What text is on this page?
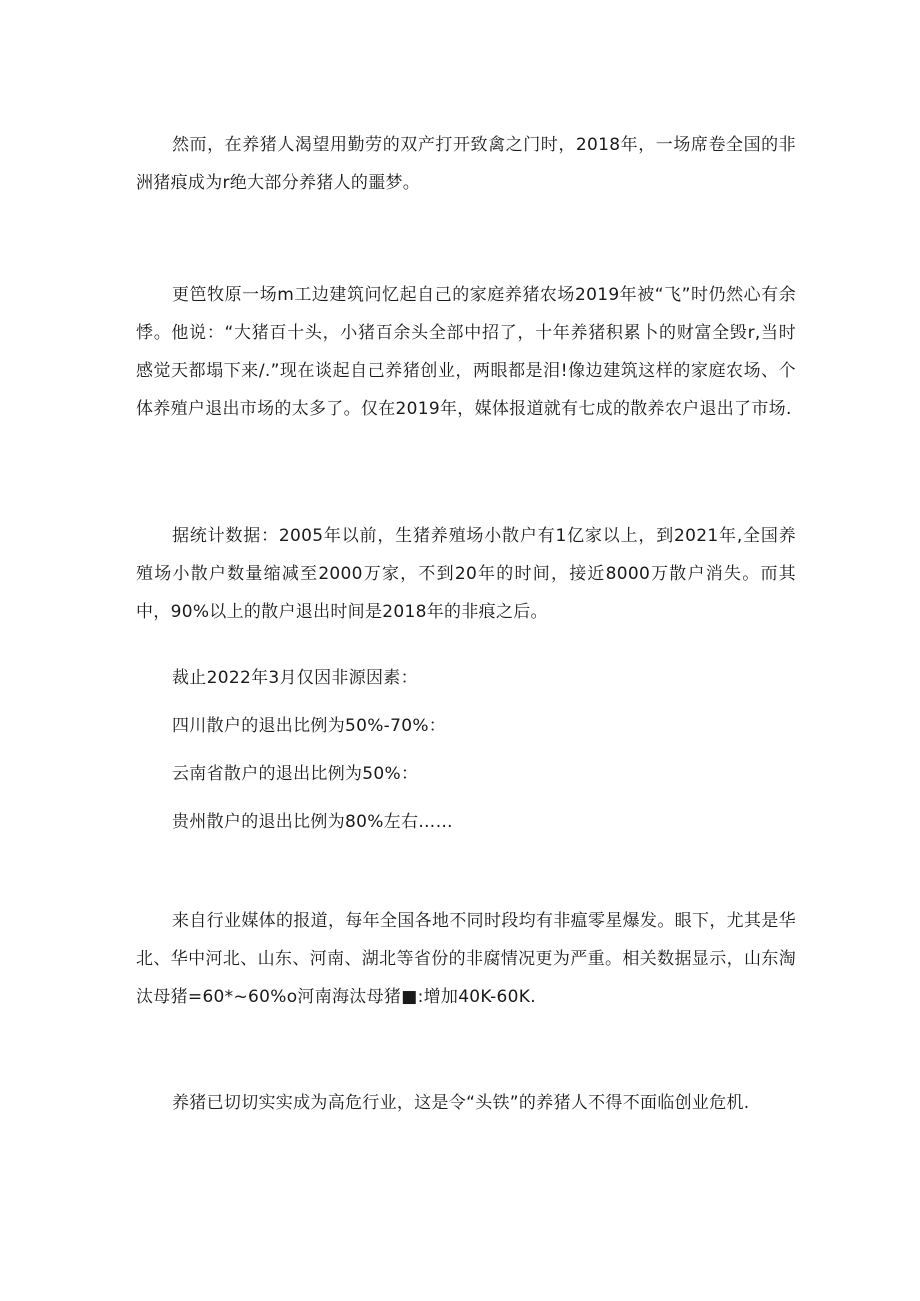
然而，在养猪人渴望用勤劳的双产打开致禽之门时，2018年，一场席卷全国的非洲猪痕成为r绝大部分养猪人的噩梦。

更笆牧原一场m工边建筑问忆起自己的家庭养猪农场2019年被“飞”时仍然心有余悸。他说：“大猪百十头，小猪百余头全部中招了，十年养猪积累卜的财富全毁r,当时感觉天都塌下来/.”现在谈起自己养猪创业，两眼都是泪!像边建筑这样的家庭农场、个体养殖户退出市场的太多了。仅在2019年，媒体报道就有七成的散养农户退出了市场.

据统计数据：2005年以前，生猪养殖场小散户有1亿家以上，到2021年,全国养殖场小散户数量缩减至2000万家，不到20年的时间，接近8000万散户消失。而其中，90%以上的散户退出时间是2018年的非痕之后。

裁止2022年3月仅因非源因素：

四川散户的退出比例为50%-70%：

云南省散户的退出比例为50%：

贵州散户的退出比例为80%左右……

来自行业媒体的报道，每年全国各地不同时段均有非瘟零星爆发。眼下，尤其是华北、华中河北、山东、河南、湖北等省份的非腐情况更为严重。相关数据显示，山东淘汰母猪=60*~60%o河南海汰母猪■:增加40K-60K.

养猪已切切实实成为高危行业，这是令“头铁”的养猪人不得不面临创业危机.
